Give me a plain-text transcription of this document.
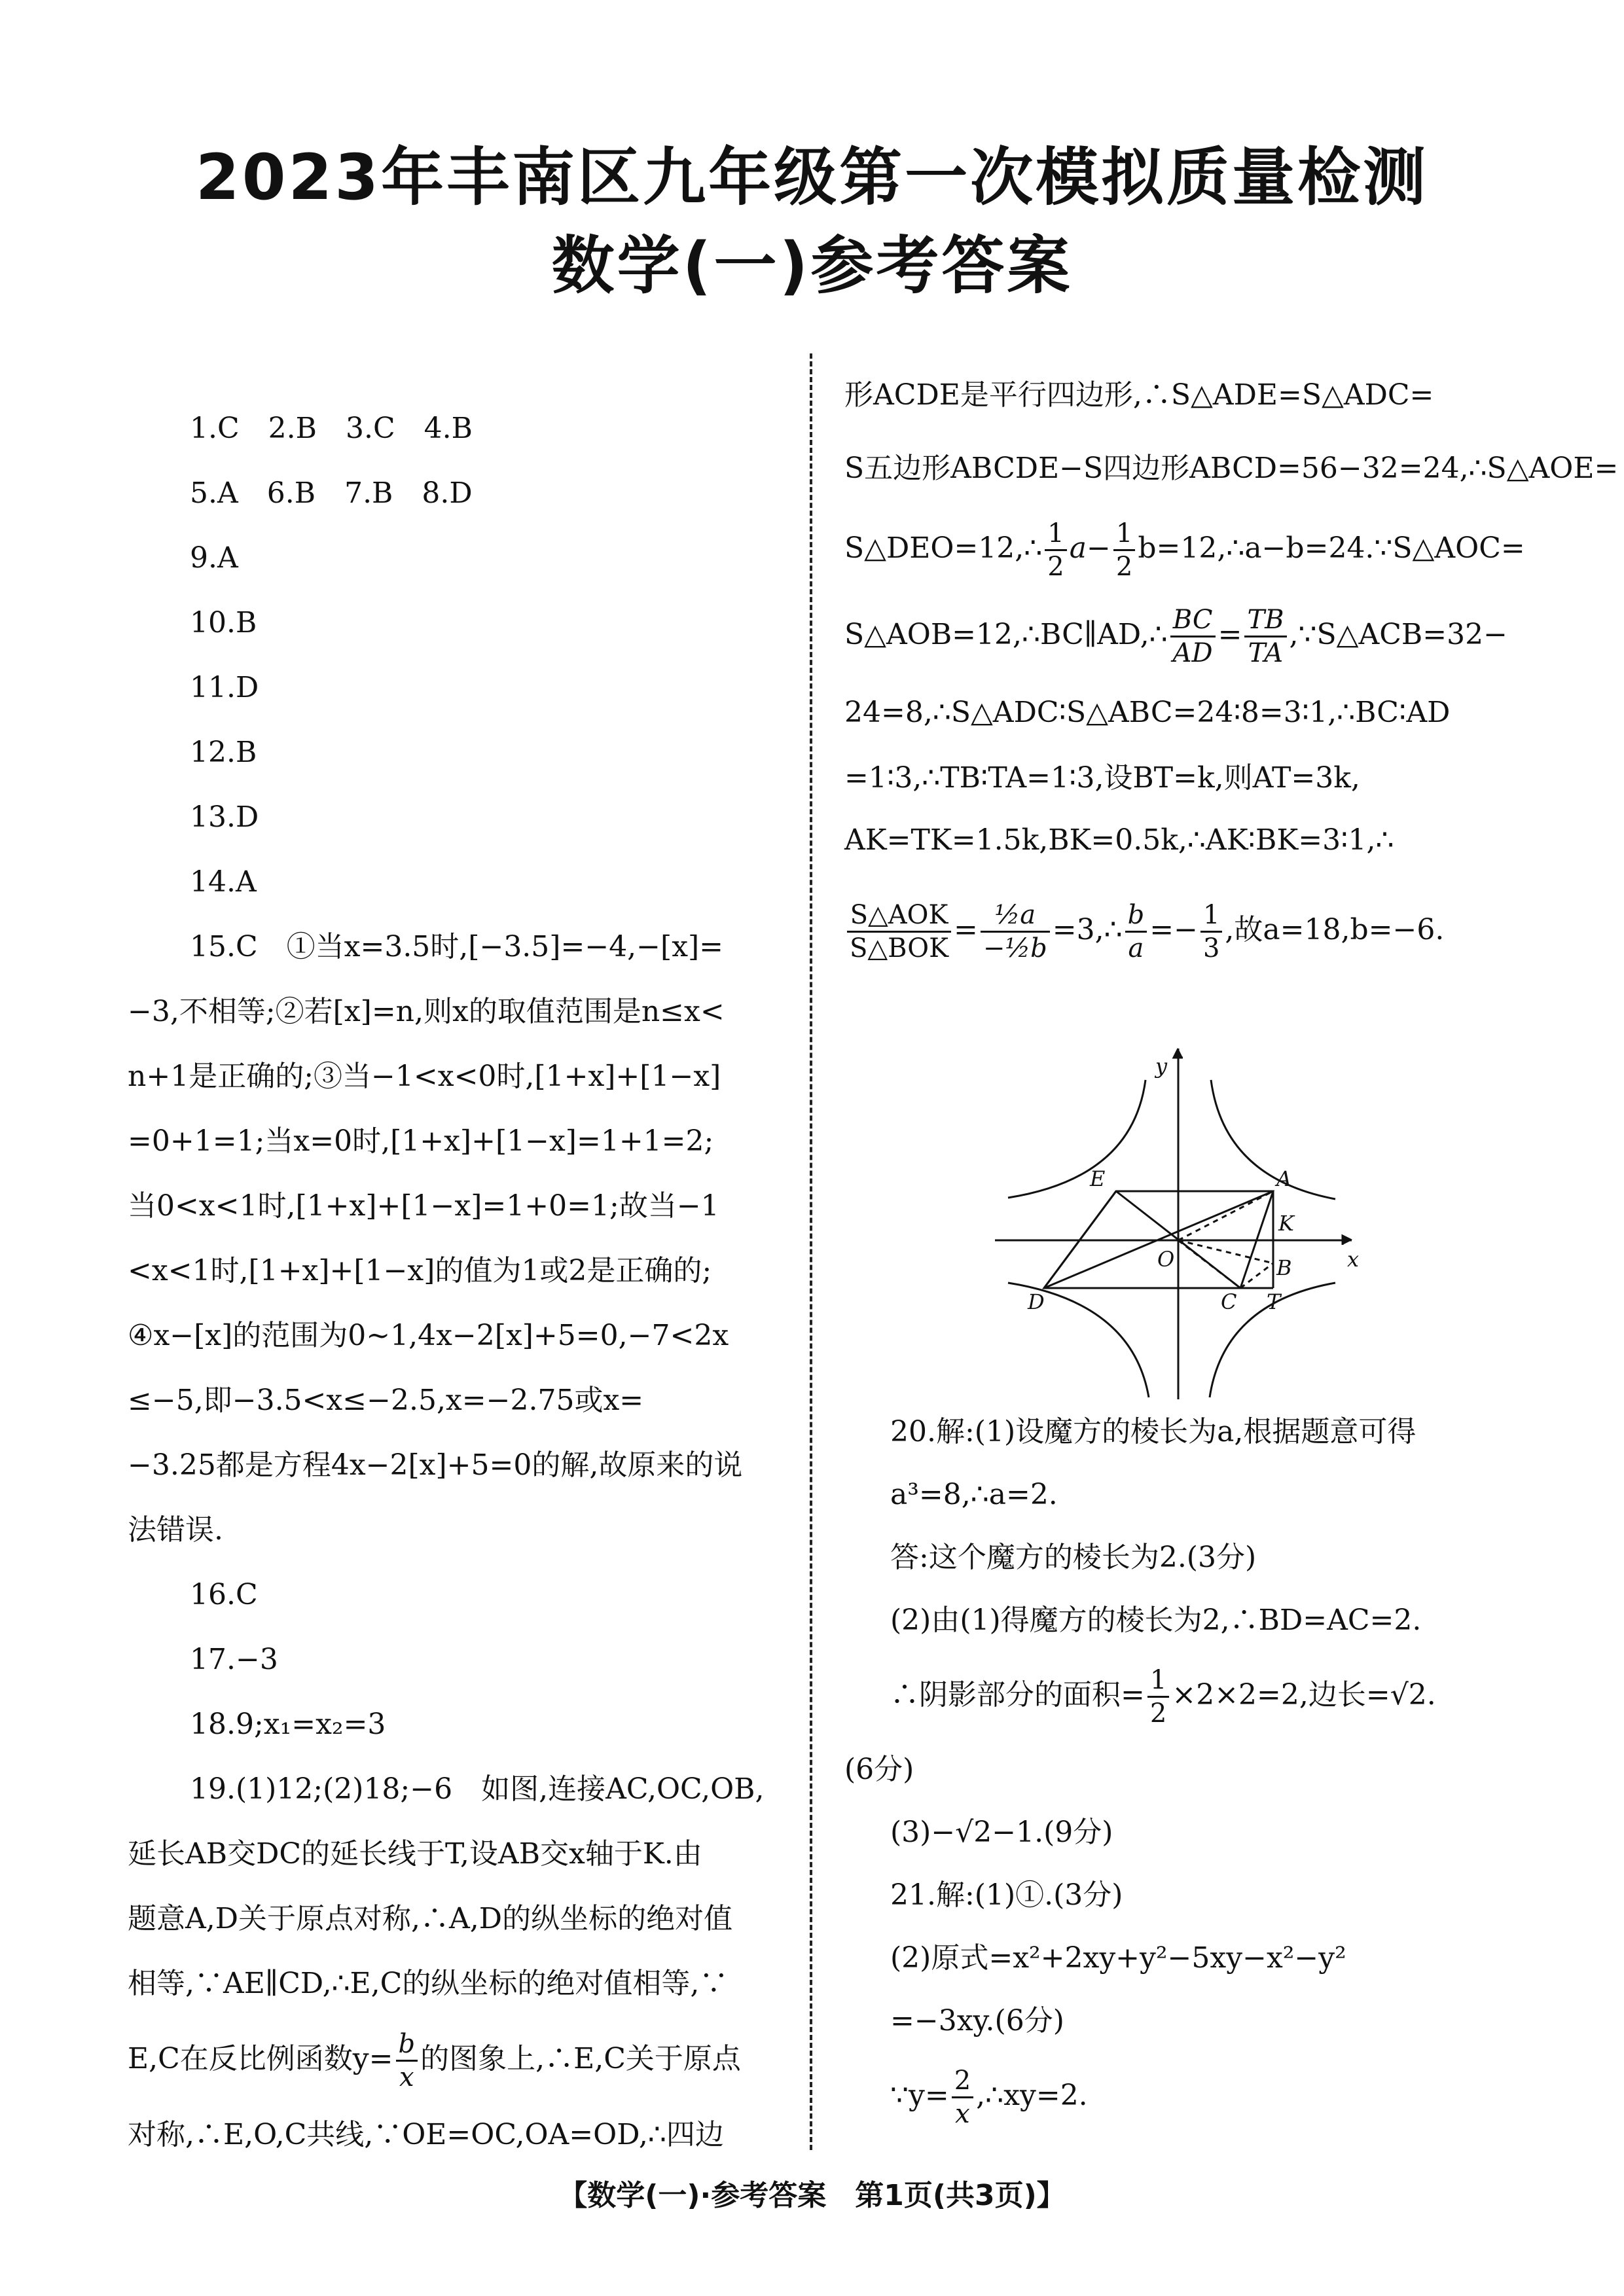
2023年丰南区九年级第一次模拟质量检测
数学(一)参考答案
1.C　2.B　3.C　4.B
5.A　6.B　7.B　8.D
9.A
10.B
11.D
12.B
13.D
14.A
15.C　①当x=3.5时,[−3.5]=−4,−[x]=
−3,不相等;②若[x]=n,则x的取值范围是n≤x<
n+1是正确的;③当−1<x<0时,[1+x]+[1−x]
=0+1=1;当x=0时,[1+x]+[1−x]=1+1=2;
当0<x<1时,[1+x]+[1−x]=1+0=1;故当−1
<x<1时,[1+x]+[1−x]的值为1或2是正确的;
④x−[x]的范围为0~1,4x−2[x]+5=0,−7<2x
≤−5,即−3.5<x≤−2.5,x=−2.75或x=
−3.25都是方程4x−2[x]+5=0的解,故原来的说
法错误.
16.C
17.−3
18.9;x₁=x₂=3
19.(1)12;(2)18;−6　如图,连接AC,OC,OB,
延长AB交DC的延长线于T,设AB交x轴于K.由
题意A,D关于原点对称,∴A,D的纵坐标的绝对值
相等,∵AE∥CD,∴E,C的纵坐标的绝对值相等,∵
E,C在反比例函数$y= \frac{b}{x}$ 的图象上,∴E,C关于原点
对称,∴E,O,C共线,∵OE=OC,OA=OD,∴四边
形ACDE是平行四边形,∴S△ADE=S△ADC=
S五边形ABCDE−S四边形ABCD=56−32=24,∴S△AOE=
S△DEO=12,∴ $\frac{1}{2} a- \frac{1}{2}$ b=12,∴a−b=24.∵S△AOC=
S△AOB=12,∴BC∥AD,∴ $\frac{BC}{AD} = \frac{TB}{TA}$ ,∵S△ACB=32−
24=8,∴S△ADC∶S△ABC=24∶8=3∶1,∴BC∶AD
=1∶3,∴TB∶TA=1∶3,设BT=k,则AT=3k,
AK=TK=1.5k,BK=0.5k,∴AK∶BK=3∶1,∴
$\frac{\text{S△AOK}}{\text{S△BOK}} = \frac{\text{½a}}{\text{−½b}}$ =3,∴ $\frac{b}{a} =- \frac{1}{3}$ ,故a=18,b=−6.
y
x
A
E
K
O	B
D	C T
20.解:(1)设魔方的棱长为a,根据题意可得
a³=8,∴a=2.
答:这个魔方的棱长为2.(3分)
(2)由(1)得魔方的棱长为2,∴BD=AC=2.
∴阴影部分的面积= $\frac{1}{2} \times 2\times 2=2$,边长=√2.
(6分)
(3)−√2−1.(9分)
21.解:(1)①.(3分)
(2)原式=x²+2xy+y²−5xy−x²−y²
=−3xy.(6分)
∵y= $\frac{2}{x}$ ,∴xy=2.
【数学(一)·参考答案　第1页(共3页)】
